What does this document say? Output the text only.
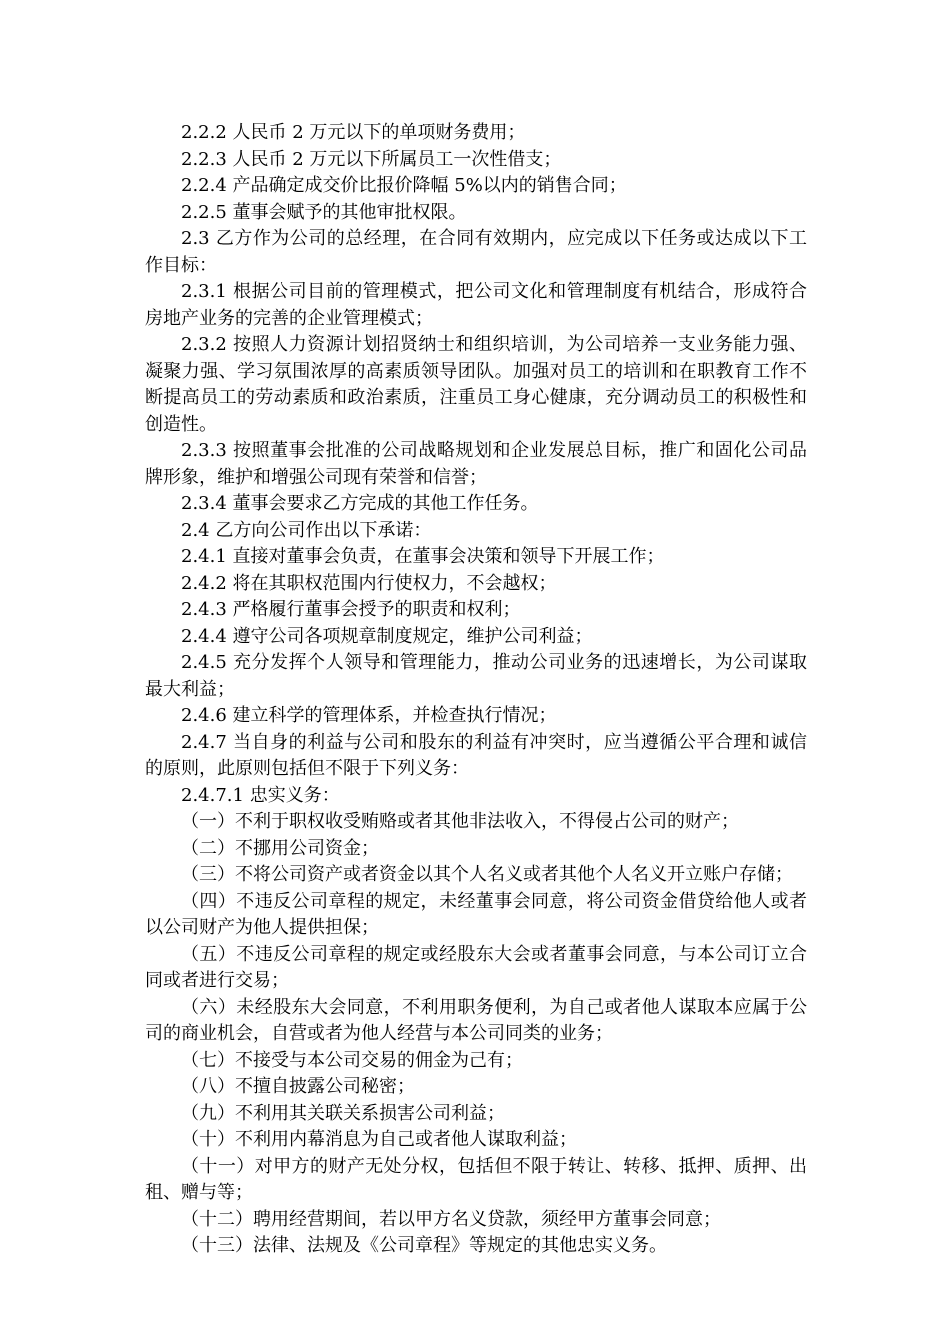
2.2.2 人民币 2 万元以下的单项财务费用；

2.2.3 人民币 2 万元以下所属员工一次性借支；

2.2.4 产品确定成交价比报价降幅 5%以内的销售合同；

2.2.5 董事会赋予的其他审批权限。

2.3 乙方作为公司的总经理，在合同有效期内，应完成以下任务或达成以下工作目标：

2.3.1 根据公司目前的管理模式，把公司文化和管理制度有机结合，形成符合房地产业务的完善的企业管理模式；

2.3.2 按照人力资源计划招贤纳士和组织培训，为公司培养一支业务能力强、凝聚力强、学习氛围浓厚的高素质领导团队。加强对员工的培训和在职教育工作不断提高员工的劳动素质和政治素质，注重员工身心健康，充分调动员工的积极性和创造性。

2.3.3 按照董事会批准的公司战略规划和企业发展总目标，推广和固化公司品牌形象，维护和增强公司现有荣誉和信誉；

2.3.4 董事会要求乙方完成的其他工作任务。

2.4 乙方向公司作出以下承诺：

2.4.1 直接对董事会负责，在董事会决策和领导下开展工作；

2.4.2 将在其职权范围内行使权力，不会越权；

2.4.3 严格履行董事会授予的职责和权利；

2.4.4 遵守公司各项规章制度规定，维护公司利益；

2.4.5 充分发挥个人领导和管理能力，推动公司业务的迅速增长，为公司谋取最大利益；

2.4.6 建立科学的管理体系，并检查执行情况；

2.4.7 当自身的利益与公司和股东的利益有冲突时，应当遵循公平合理和诚信的原则，此原则包括但不限于下列义务：

2.4.7.1 忠实义务：

（一）不利于职权收受贿赂或者其他非法收入，不得侵占公司的财产；

（二）不挪用公司资金；

（三）不将公司资产或者资金以其个人名义或者其他个人名义开立账户存储；

（四）不违反公司章程的规定，未经董事会同意，将公司资金借贷给他人或者以公司财产为他人提供担保；

（五）不违反公司章程的规定或经股东大会或者董事会同意，与本公司订立合同或者进行交易；

（六）未经股东大会同意，不利用职务便利，为自己或者他人谋取本应属于公司的商业机会，自营或者为他人经营与本公司同类的业务；

（七）不接受与本公司交易的佣金为己有；

（八）不擅自披露公司秘密；

（九）不利用其关联关系损害公司利益；

（十）不利用内幕消息为自己或者他人谋取利益；

（十一）对甲方的财产无处分权，包括但不限于转让、转移、抵押、质押、出租、赠与等；

（十二）聘用经营期间，若以甲方名义贷款，须经甲方董事会同意；

（十三）法律、法规及《公司章程》等规定的其他忠实义务。
